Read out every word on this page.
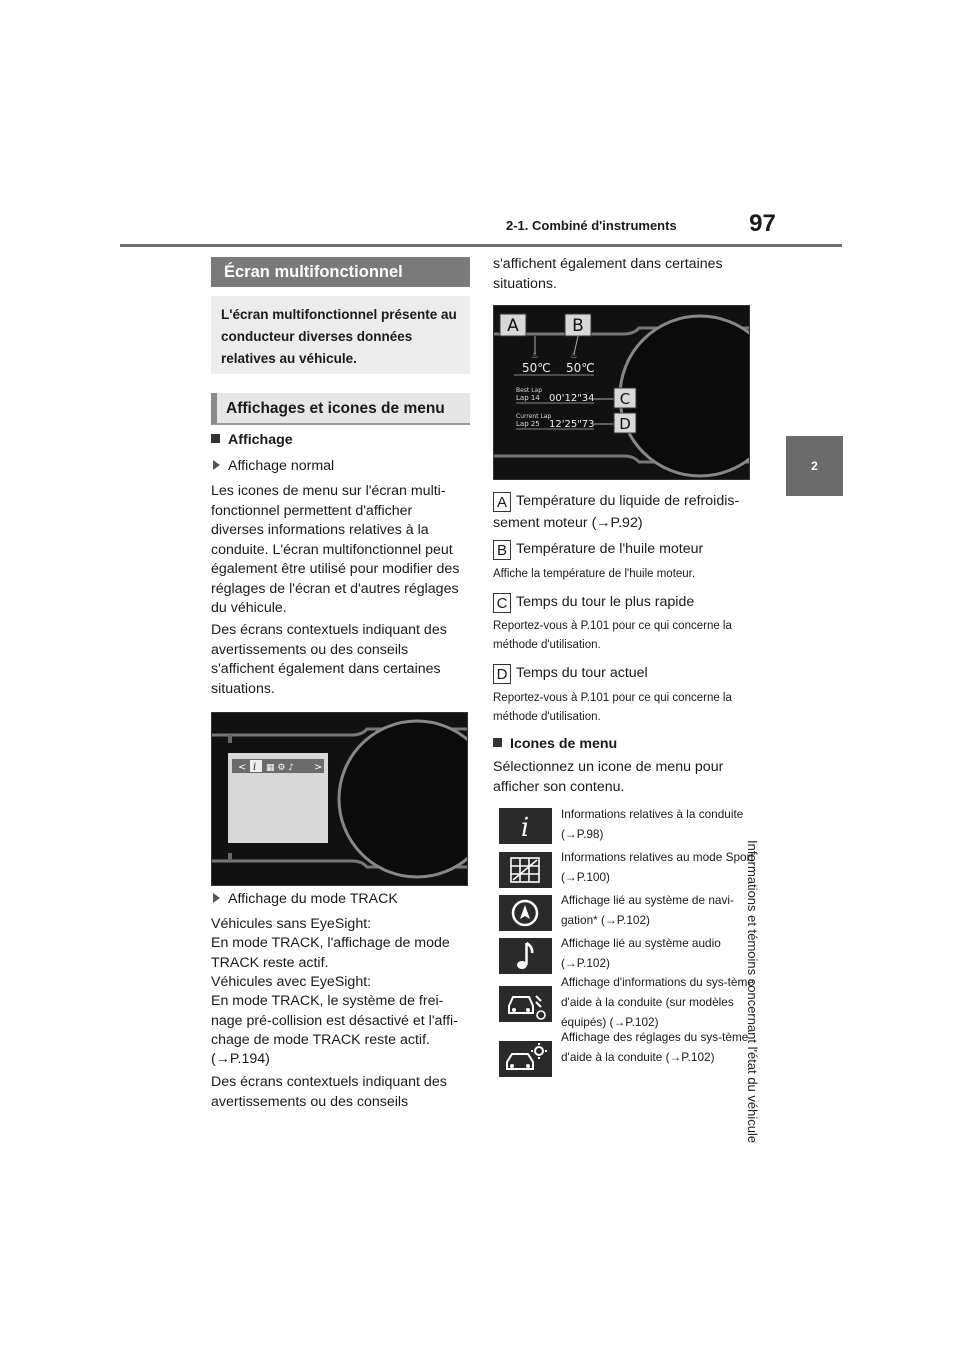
2-1. Combiné d'instruments	97
2
Informations et témoins concernant l'état du véhicule
Écran multifonctionnel
L'écran multifonctionnel présente au conducteur diverses données relatives au véhicule.
Affichages et icones de menu
Affichage
Affichage normal
Les icones de menu sur l'écran multi-fonctionnel permettent d'afficher diverses informations relatives à la conduite. L'écran multifonctionnel peut également être utilisé pour modifier des réglages de l'écran et d'autres réglages du véhicule.
Des écrans contextuels indiquant des avertissements ou des conseils s'affichent également dans certaines situations.
< i ▦ ⚙ ♪ >
Affichage du mode TRACK
Véhicules sans EyeSight:
En mode TRACK, l'affichage de mode TRACK reste actif.
Véhicules avec EyeSight:
En mode TRACK, le système de frei-nage pré-collision est désactivé et l'affi-chage de mode TRACK reste actif.
(→P.194)
Des écrans contextuels indiquant des avertissements ou des conseils
s'affichent également dans certaines situations.
A	B
♨	♨
50℃ 50℃
Best Lap
Lap 14 00'12"34 C
Current Lap
Lap 25 12'25"73 D
A Température du liquide de refroidis-sement moteur (→P.92)
B Température de l'huile moteur
Affiche la température de l'huile moteur.
C Temps du tour le plus rapide
Reportez-vous à P.101 pour ce qui concerne la méthode d'utilisation.
D Temps du tour actuel
Reportez-vous à P.101 pour ce qui concerne la méthode d'utilisation.
Icones de menu
Sélectionnez un icone de menu pour afficher son contenu.
i	Informations relatives à la conduite (→P.98)
Informations relatives au mode Sport (→P.100)
Affichage lié au système de navi-gation* (→P.102)
Affichage lié au système audio (→P.102)
Affichage d'informations du sys-tème d'aide à la conduite (sur modèles équipés) (→P.102)
Affichage des réglages du sys-tème d'aide à la conduite (→P.102)
